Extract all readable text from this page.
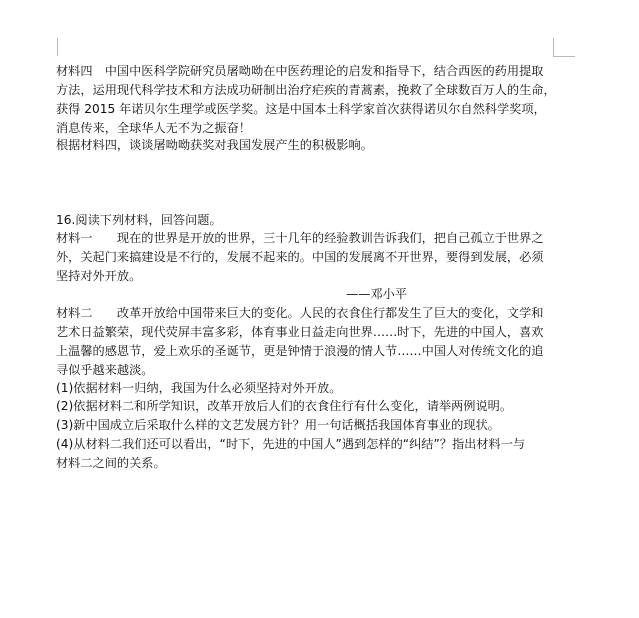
材料四　中国中医科学院研究员屠呦呦在中医药理论的启发和指导下，结合西医的药用提取
方法，运用现代科学技术和方法成功研制出治疗疟疾的青蒿素，挽救了全球数百万人的生命，
获得 2015 年诺贝尔生理学或医学奖。这是中国本土科学家首次获得诺贝尔自然科学奖项，
消息传来，全球华人无不为之振奋！
根据材料四，谈谈屠呦呦获奖对我国发展产生的积极影响。
16.阅读下列材料，回答问题。
材料一　　现在的世界是开放的世界，三十几年的经验教训告诉我们，把自己孤立于世界之
外，关起门来搞建设是不行的，发展不起来的。中国的发展离不开世界，要得到发展，必须
坚持对外开放。
——邓小平
材料二　　改革开放给中国带来巨大的变化。人民的衣食住行都发生了巨大的变化，文学和
艺术日益繁荣，现代荧屏丰富多彩，体育事业日益走向世界……时下，先进的中国人，喜欢
上温馨的感恩节，爱上欢乐的圣诞节，更是钟情于浪漫的情人节……中国人对传统文化的追
寻似乎越来越淡。
(1)依据材料一归纳，我国为什么必须坚持对外开放。
(2)依据材料二和所学知识，改革开放后人们的衣食住行有什么变化，请举两例说明。
(3)新中国成立后采取什么样的文艺发展方针？用一句话概括我国体育事业的现状。
(4)从材料二我们还可以看出，“时下，先进的中国人”遇到怎样的“纠结”？指出材料一与
材料二之间的关系。
